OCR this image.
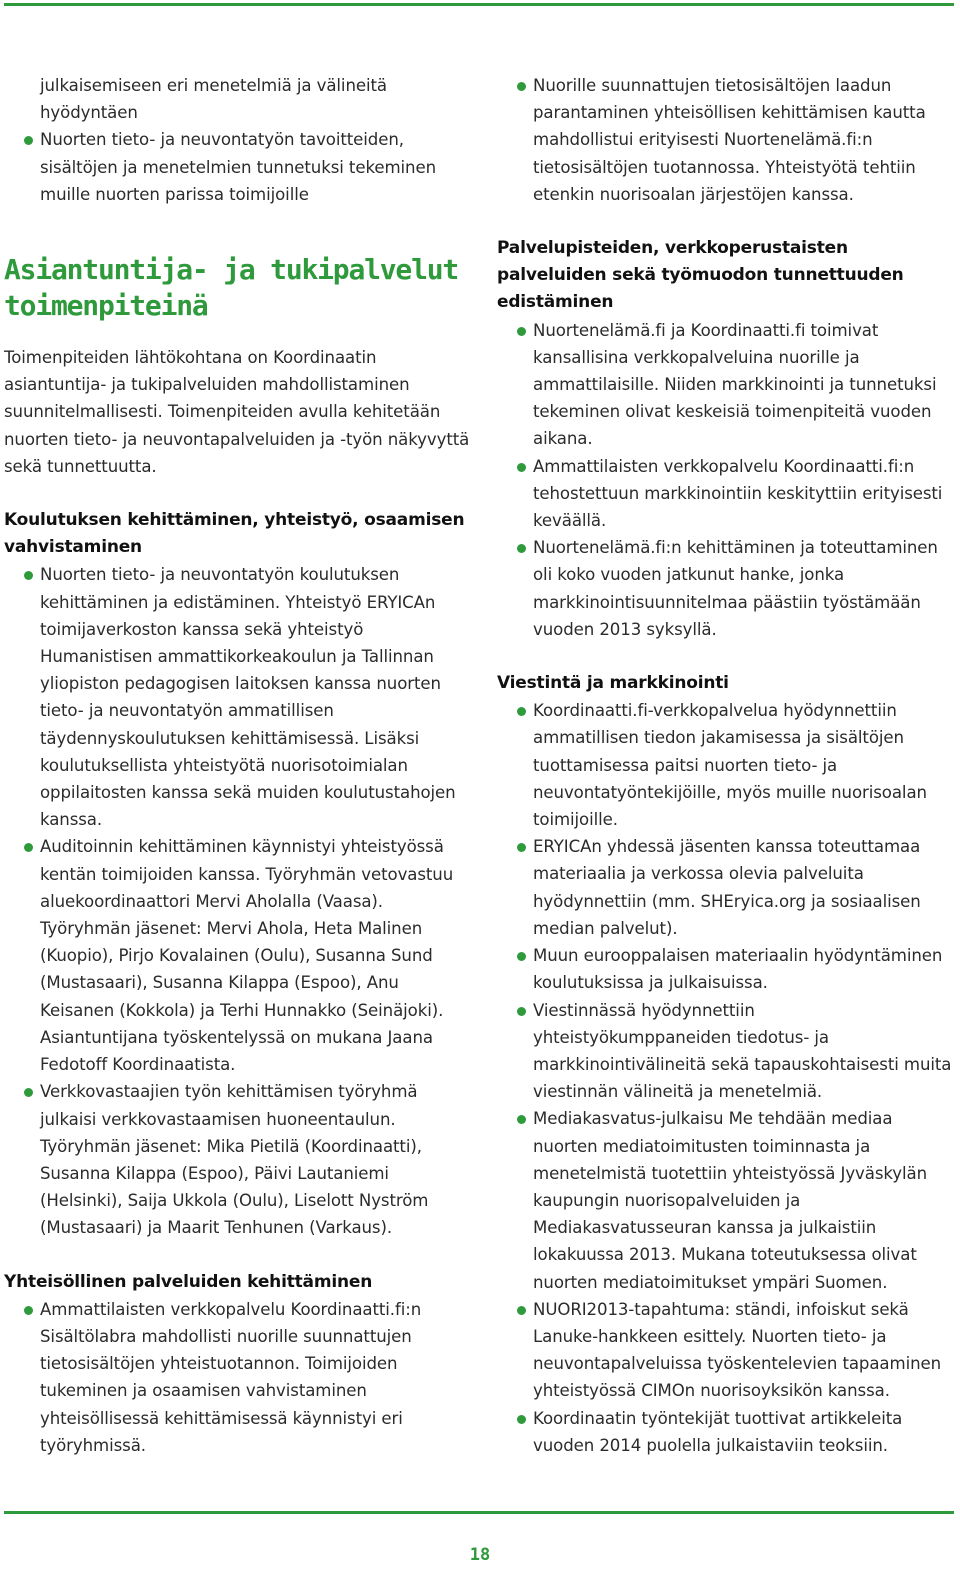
julkaisemiseen eri menetelmiä ja välineitä hyödyntäen
Nuorten tieto- ja neuvontatyön tavoitteiden, sisältöjen ja menetelmien tunnetuksi tekeminen muille nuorten parissa toimijoille
Asiantuntija- ja tukipalvelut toimenpiteinä

Toimenpiteiden lähtökohtana on Koordinaatin asiantuntija- ja tukipalveluiden mahdollistaminen suunnitelmallisesti. Toimenpiteiden avulla kehitetään nuorten tieto- ja neuvontapalveluiden ja -työn näkyvyttä sekä tunnettuutta.

Koulutuksen kehittäminen, yhteistyö, osaamisen vahvistaminen
Nuorten tieto- ja neuvontatyön koulutuksen kehittäminen ja edistäminen. Yhteistyö ERYICAn toimijaverkoston kanssa sekä yhteistyö Humanistisen ammattikorkeakoulun ja Tallinnan yliopiston pedagogisen laitoksen kanssa nuorten tieto- ja neuvontatyön ammatillisen täydennyskoulutuksen kehittämisessä. Lisäksi koulutuksellista yhteistyötä nuorisotoimialan oppilaitosten kanssa sekä muiden koulutustahojen kanssa.
Auditoinnin kehittäminen käynnistyi yhteistyössä kentän toimijoiden kanssa. Työryhmän vetovastuu aluekoordinaattori Mervi Aholalla (Vaasa). Työryhmän jäsenet: Mervi Ahola, Heta Malinen (Kuopio), Pirjo Kovalainen (Oulu), Susanna Sund (Mustasaari), Susanna Kilappa (Espoo), Anu Keisanen (Kokkola) ja Terhi Hunnakko (Seinäjoki). Asiantuntijana työskentelyssä on mukana Jaana Fedotoff Koordinaatista.
Verkkovastaajien työn kehittämisen työryhmä julkaisi verkkovastaamisen huoneentaulun. Työryhmän jäsenet: Mika Pietilä (Koordinaatti), Susanna Kilappa (Espoo), Päivi Lautaniemi (Helsinki), Saija Ukkola (Oulu), Liselott Nyström (Mustasaari) ja Maarit Tenhunen (Varkaus).
Yhteisöllinen palveluiden kehittäminen
Ammattilaisten verkkopalvelu Koordinaatti.fi:n Sisältölabra mahdollisti nuorille suunnattujen tietosisältöjen yhteistuotannon. Toimijoiden tukeminen ja osaamisen vahvistaminen yhteisöllisessä kehittämisessä käynnistyi eri työryhmissä.
Nuorille suunnattujen tietosisältöjen laadun parantaminen yhteisöllisen kehittämisen kautta mahdollistui erityisesti Nuortenelämä.fi:n tietosisältöjen tuotannossa. Yhteistyötä tehtiin etenkin nuorisoalan järjestöjen kanssa.
Palvelupisteiden, verkkoperustaisten palveluiden sekä työmuodon tunnettuuden edistäminen
Nuortenelämä.fi ja Koordinaatti.fi toimivat kansallisina verkkopalveluina nuorille ja ammattilaisille. Niiden markkinointi ja tunnetuksi tekeminen olivat keskeisiä toimenpiteitä vuoden aikana.
Ammattilaisten verkkopalvelu Koordinaatti.fi:n tehostettuun markkinointiin keskityttiin erityisesti keväällä.
Nuortenelämä.fi:n kehittäminen ja toteuttaminen oli koko vuoden jatkunut hanke, jonka markkinointisuunnitelmaa päästiin työstämään vuoden 2013 syksyllä.
Viestintä ja markkinointi
Koordinaatti.fi-verkkopalvelua hyödynnettiin ammatillisen tiedon jakamisessa ja sisältöjen tuottamisessa paitsi nuorten tieto- ja neuvontatyöntekijöille, myös muille nuorisoalan toimijoille.
ERYICAn yhdessä jäsenten kanssa toteuttamaa materiaalia ja verkossa olevia palveluita hyödynnettiin (mm. SHEryica.org ja sosiaalisen median palvelut).
Muun eurooppalaisen materiaalin hyödyntäminen koulutuksissa ja julkaisuissa.
Viestinnässä hyödynnettiin yhteistyökumppaneiden tiedotus- ja markkinointivälineitä sekä tapauskohtaisesti muita viestinnän välineitä ja menetelmiä.
Mediakasvatus-julkaisu Me tehdään mediaa nuorten mediatoimitusten toiminnasta ja menetelmistä tuotettiin yhteistyössä Jyväskylän kaupungin nuorisopalveluiden ja Mediakasvatusseuran kanssa ja julkaistiin lokakuussa 2013. Mukana toteutuksessa olivat nuorten mediatoimitukset ympäri Suomen.
NUORI2013-tapahtuma: ständi, infoiskut sekä Lanuke-hankkeen esittely. Nuorten tieto- ja neuvontapalveluissa työskentelevien tapaaminen yhteistyössä CIMOn nuorisoyksikön kanssa.
Koordinaatin työntekijät tuottivat artikkeleita vuoden 2014 puolella julkaistaviin teoksiin.
18
